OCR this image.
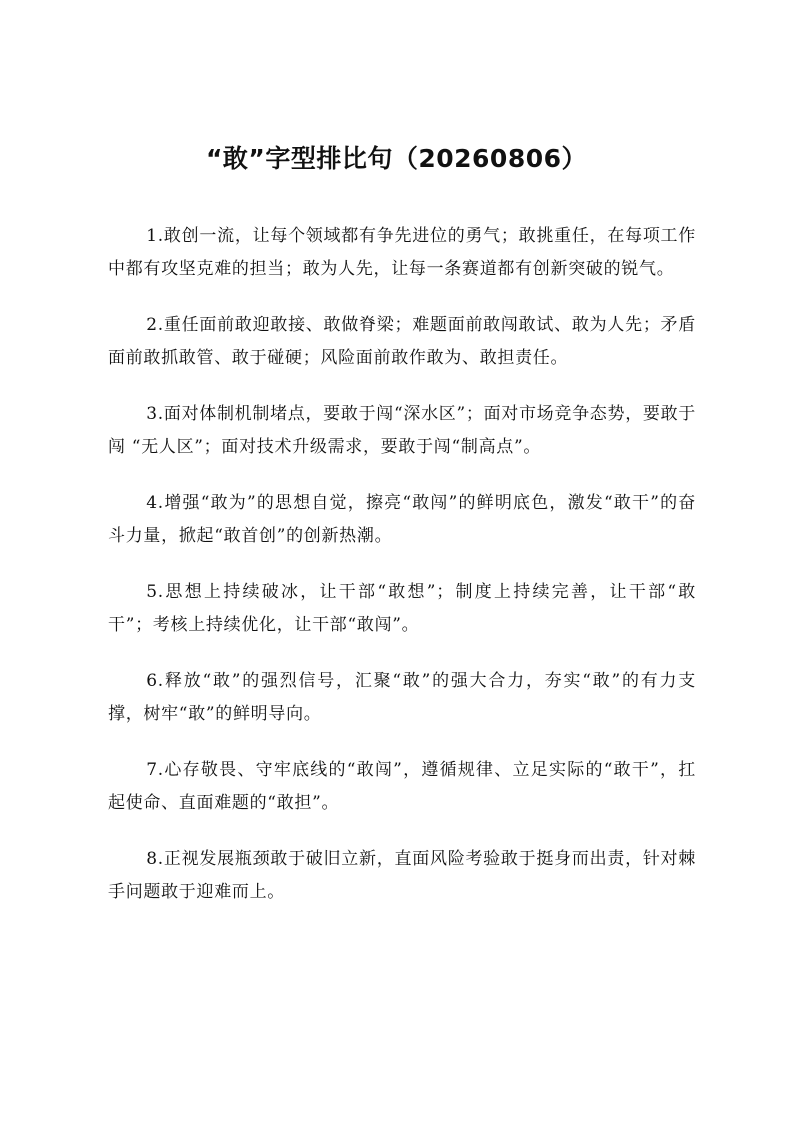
“敢”字型排比句（20260806）

1.敢创一流，让每个领域都有争先进位的勇气；敢挑重任，在每项工作中都有攻坚克难的担当；敢为人先，让每一条赛道都有创新突破的锐气。

2.重任面前敢迎敢接、敢做脊梁；难题面前敢闯敢试、敢为人先；矛盾面前敢抓敢管、敢于碰硬；风险面前敢作敢为、敢担责任。

3.面对体制机制堵点，要敢于闯“深水区”；面对市场竞争态势，要敢于闯 “无人区”；面对技术升级需求，要敢于闯“制高点”。

4.增强“敢为”的思想自觉，擦亮“敢闯”的鲜明底色，激发“敢干”的奋斗力量，掀起“敢首创”的创新热潮。

5.思想上持续破冰，让干部“敢想”；制度上持续完善，让干部“敢干”；考核上持续优化，让干部“敢闯”。

6.释放“敢”的强烈信号，汇聚“敢”的强大合力，夯实“敢”的有力支撑，树牢“敢”的鲜明导向。

7.心存敬畏、守牢底线的“敢闯”，遵循规律、立足实际的“敢干”，扛起使命、直面难题的“敢担”。

8.正视发展瓶颈敢于破旧立新，直面风险考验敢于挺身而出责，针对棘手问题敢于迎难而上。
